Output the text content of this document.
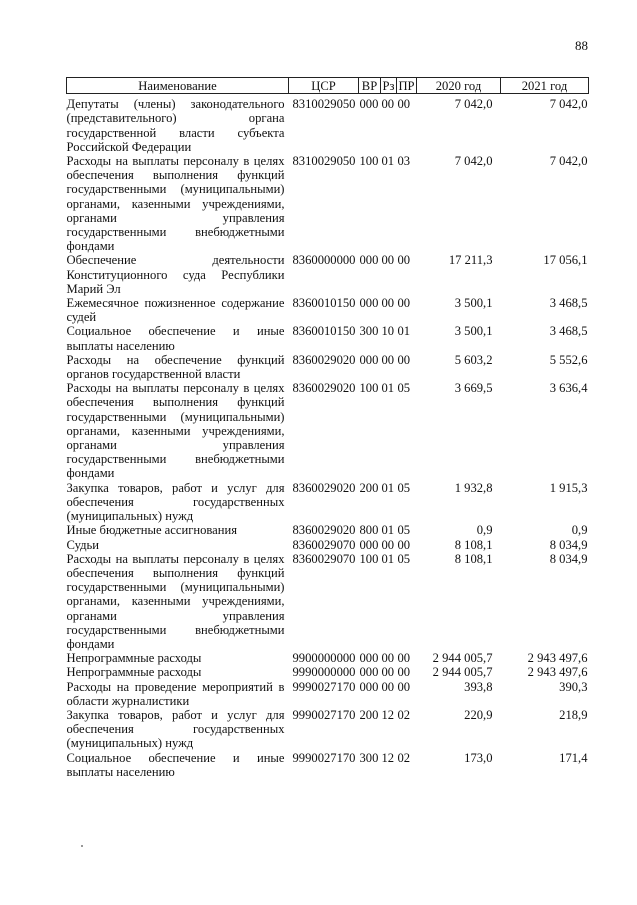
88
Наименование	ЦСР	ВР	Рз	ПР	2020 год	2021 год
Депутаты (члены) законодательного (представительного) органа государственной власти субъекта Российской Федерации	8310029050	000	00	00	7 042,0	7 042,0
Расходы на выплаты персоналу в целях обеспечения выполнения функций государственными (муниципальными) органами, казенными учреждениями, органами управления государственными внебюджетными фондами	8310029050	100	01	03	7 042,0	7 042,0
Обеспечение деятельности Конституционного суда Республики Марий Эл	8360000000	000	00	00	17 211,3	17 056,1
Ежемесячное пожизненное содержание судей	8360010150	000	00	00	3 500,1	3 468,5
Социальное обеспечение и иные выплаты населению	8360010150	300	10	01	3 500,1	3 468,5
Расходы на обеспечение функций органов государственной власти	8360029020	000	00	00	5 603,2	5 552,6
Расходы на выплаты персоналу в целях обеспечения выполнения функций государственными (муниципальными) органами, казенными учреждениями, органами управления государственными внебюджетными фондами	8360029020	100	01	05	3 669,5	3 636,4
Закупка товаров, работ и услуг для обеспечения государственных (муниципальных) нужд	8360029020	200	01	05	1 932,8	1 915,3
Иные бюджетные ассигнования	8360029020	800	01	05	0,9	0,9
Судьи	8360029070	000	00	00	8 108,1	8 034,9
Расходы на выплаты персоналу в целях обеспечения выполнения функций государственными (муниципальными) органами, казенными учреждениями, органами управления государственными внебюджетными фондами	8360029070	100	01	05	8 108,1	8 034,9
Непрограммные расходы	9900000000	000	00	00	2 944 005,7	2 943 497,6
Непрограммные расходы	9990000000	000	00	00	2 944 005,7	2 943 497,6
Расходы на проведение мероприятий в области журналистики	9990027170	000	00	00	393,8	390,3
Закупка товаров, работ и услуг для обеспечения государственных (муниципальных) нужд	9990027170	200	12	02	220,9	218,9
Социальное обеспечение и иные выплаты населению	9990027170	300	12	02	173,0	171,4
